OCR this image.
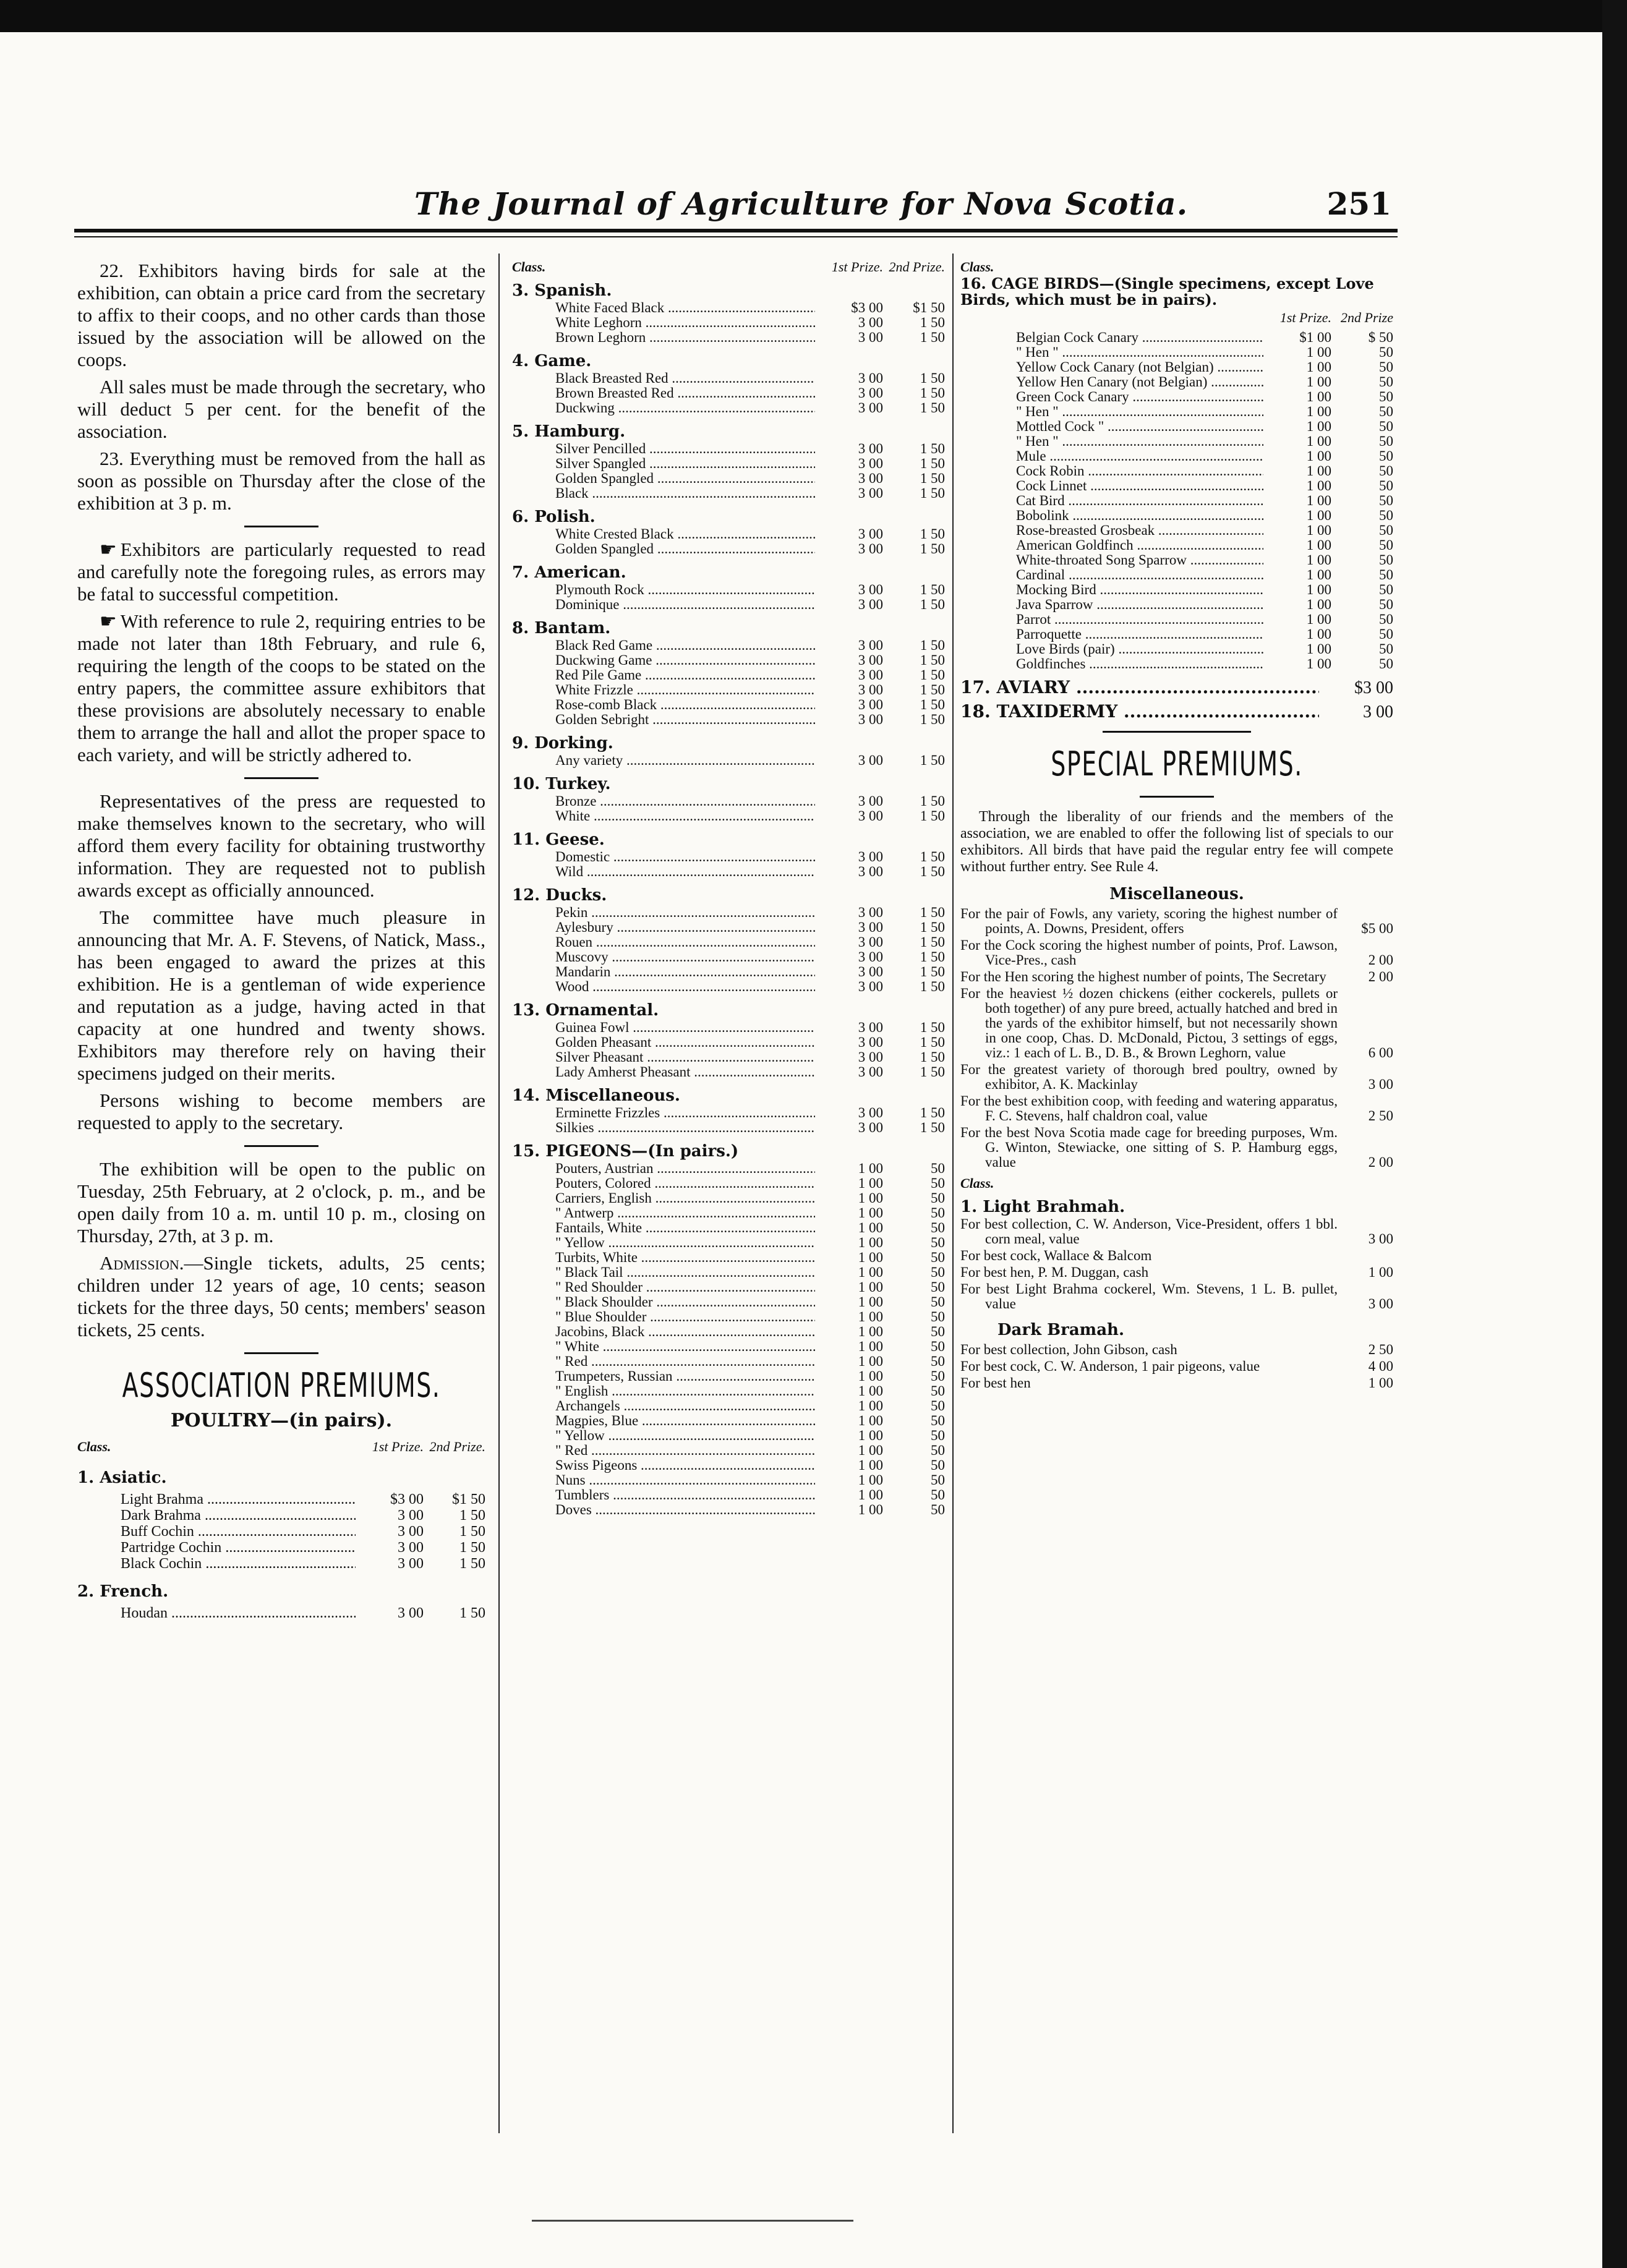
The Journal of Agriculture for Nova Scotia.	251

22. Exhibitors having birds for sale at the exhibition, can obtain a price card from the secretary to affix to their coops, and no other cards than those issued by the association will be allowed on the coops.

All sales must be made through the secretary, who will deduct 5 per cent. for the benefit of the association.

23. Everything must be removed from the hall as soon as possible on Thursday after the close of the exhibition at 3 p. m.

☛ Exhibitors are particularly requested to read and carefully note the foregoing rules, as errors may be fatal to successful competition.

☛ With reference to rule 2, requiring entries to be made not later than 18th February, and rule 6, requiring the length of the coops to be stated on the entry papers, the committee assure exhibitors that these provisions are absolutely necessary to enable them to arrange the hall and allot the proper space to each variety, and will be strictly adhered to.

Representatives of the press are requested to make themselves known to the secretary, who will afford them every facility for obtaining trustworthy information. They are requested not to publish awards except as officially announced.

The committee have much pleasure in announcing that Mr. A. F. Stevens, of Natick, Mass., has been engaged to award the prizes at this exhibition. He is a gentleman of wide experience and reputation as a judge, having acted in that capacity at one hundred and twenty shows. Exhibitors may therefore rely on having their specimens judged on their merits.

Persons wishing to become members are requested to apply to the secretary.

The exhibition will be open to the public on Tuesday, 25th February, at 2 o'clock, p. m., and be open daily from 10 a. m. until 10 p. m., closing on Thursday, 27th, at 3 p. m.

Admission.—Single tickets, adults, 25 cents; children under 12 years of age, 10 cents; season tickets for the three days, 50 cents; members' season tickets, 25 cents.

ASSOCIATION PREMIUMS.
POULTRY—(in pairs).
Class.	1st Prize. 2nd Prize.
1. Asiatic.
Light Brahma .....	$3 00	$1 50
Dark Brahma .....	3 00	1 50
Buff Cochin .....	3 00	1 50
Partridge Cochin .....	3 00	1 50
Black Cochin .....	3 00	1 50
2. French.
Houdan .....	3 00	1 50
Class.	1st Prize. 2nd Prize.
3. Spanish.
White Faced Black .....	$3 00	$1 50
White Leghorn .....	3 00	1 50
Brown Leghorn .....	3 00	1 50
4. Game.
Black Breasted Red .....	3 00	1 50
Brown Breasted Red .....	3 00	1 50
Duckwing .....	3 00	1 50
5. Hamburg.
Silver Pencilled .....	3 00	1 50
Silver Spangled .....	3 00	1 50
Golden Spangled .....	3 00	1 50
Black .....	3 00	1 50
6. Polish.
White Crested Black .....	3 00	1 50
Golden Spangled .....	3 00	1 50
7. American.
Plymouth Rock .....	3 00	1 50
Dominique .....	3 00	1 50
8. Bantam.
Black Red Game .....	3 00	1 50
Duckwing Game .....	3 00	1 50
Red Pile Game .....	3 00	1 50
White Frizzle .....	3 00	1 50
Rose-comb Black .....	3 00	1 50
Golden Sebright .....	3 00	1 50
9. Dorking.
Any variety .....	3 00	1 50
10. Turkey.
Bronze .....	3 00	1 50
White .....	3 00	1 50
11. Geese.
Domestic .....	3 00	1 50
Wild .....	3 00	1 50
12. Ducks.
Pekin .....	3 00	1 50
Aylesbury .....	3 00	1 50
Rouen .....	3 00	1 50
Muscovy .....	3 00	1 50
Mandarin .....	3 00	1 50
Wood .....	3 00	1 50
13. Ornamental.
Guinea Fowl .....	3 00	1 50
Golden Pheasant .....	3 00	1 50
Silver Pheasant .....	3 00	1 50
Lady Amherst Pheasant .....	3 00	1 50
14. Miscellaneous.
Erminette Frizzles .....	3 00	1 50
Silkies .....	3 00	1 50
15. PIGEONS—(In pairs.)
Pouters, Austrian .....	1 00	50
Pouters, Colored .....	1 00	50
Carriers, English .....	1 00	50
" Antwerp .....	1 00	50
Fantails, White .....	1 00	50
" Yellow .....	1 00	50
Turbits, White .....	1 00	50
" Black Tail .....	1 00	50
" Red Shoulder .....	1 00	50
" Black Shoulder .....	1 00	50
" Blue Shoulder .....	1 00	50
Jacobins, Black .....	1 00	50
" White .....	1 00	50
" Red .....	1 00	50
Trumpeters, Russian .....	1 00	50
" English .....	1 00	50
Archangels .....	1 00	50
Magpies, Blue .....	1 00	50
" Yellow .....	1 00	50
" Red .....	1 00	50
Swiss Pigeons .....	1 00	50
Nuns .....	1 00	50
Tumblers .....	1 00	50
Doves .....	1 00	50
Class.
16. CAGE BIRDS—(Single specimens, except Love Birds, which must be in pairs).
1st Prize. 2nd Prize
Belgian Cock Canary .....	$1 00	$ 50
" Hen " .....	1 00	50
Yellow Cock Canary (not Belgian) .....	1 00	50
Yellow Hen Canary (not Belgian) .....	1 00	50
Green Cock Canary .....	1 00	50
" Hen " .....	1 00	50
Mottled Cock " .....	1 00	50
" Hen " .....	1 00	50
Mule .....	1 00	50
Cock Robin .....	1 00	50
Cock Linnet .....	1 00	50
Cat Bird .....	1 00	50
Bobolink .....	1 00	50
Rose-breasted Grosbeak .....	1 00	50
American Goldfinch .....	1 00	50
White-throated Song Sparrow .....	1 00	50
Cardinal .....	1 00	50
Mocking Bird .....	1 00	50
Java Sparrow .....	1 00	50
Parrot .....	1 00	50
Parroquette .....	1 00	50
Love Birds (pair) .....	1 00	50
Goldfinches .....	1 00	50
17. AVIARY .....	$3 00
18. TAXIDERMY .....	3 00
SPECIAL PREMIUMS.

Through the liberality of our friends and the members of the association, we are enabled to offer the following list of specials to our exhibitors. All birds that have paid the regular entry fee will compete without further entry. See Rule 4.

Miscellaneous.
For the pair of Fowls, any variety, scoring the highest number of points, A. Downs, President, offers	$5 00
For the Cock scoring the highest number of points, Prof. Lawson, Vice-Pres., cash	2 00
For the Hen scoring the highest number of points, The Secretary	2 00
For the heaviest ½ dozen chickens (either cockerels, pullets or both together) of any pure breed, actually hatched and bred in the yards of the exhibitor himself, but not necessarily shown in one coop, Chas. D. McDonald, Pictou, 3 settings of eggs, viz.: 1 each of L. B., D. B., & Brown Leghorn, value	6 00
For the greatest variety of thorough bred poultry, owned by exhibitor, A. K. Mackinlay	3 00
For the best exhibition coop, with feeding and watering apparatus, F. C. Stevens, half chaldron coal, value	2 50
For the best Nova Scotia made cage for breeding purposes, Wm. G. Winton, Stewiacke, one sitting of S. P. Hamburg eggs, value	2 00
Class.
1. Light Brahmah.
For best collection, C. W. Anderson, Vice-President, offers 1 bbl. corn meal, value	3 00
For best cock, Wallace & Balcom
For best hen, P. M. Duggan, cash	1 00
For best Light Brahma cockerel, Wm. Stevens, 1 L. B. pullet, value	3 00
Dark Bramah.
For best collection, John Gibson, cash	2 50
For best cock, C. W. Anderson, 1 pair pigeons, value	4 00
For best hen	1 00
